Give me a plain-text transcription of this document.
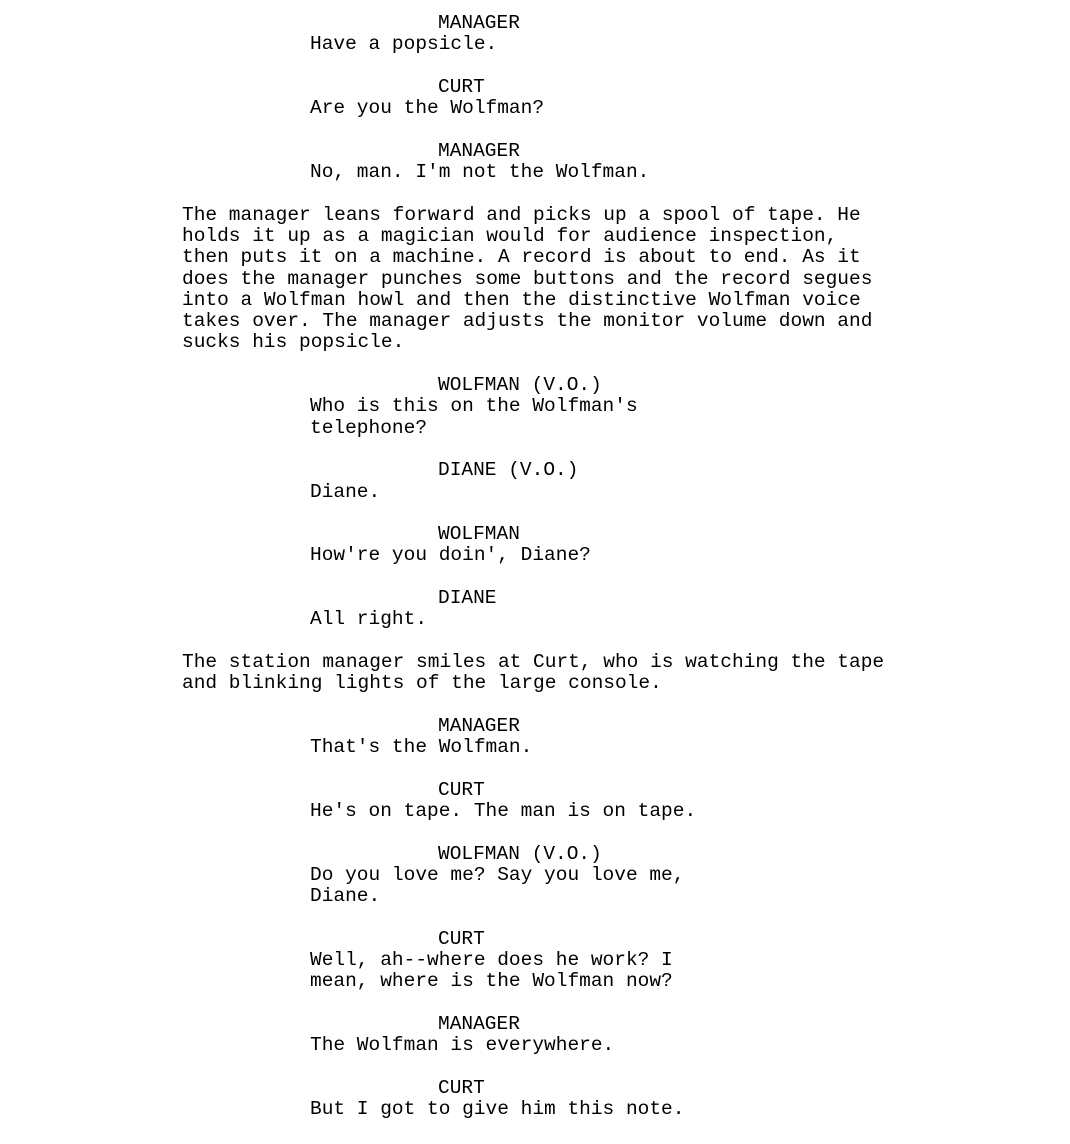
MANAGER
Have a popsicle.
CURT
Are you the Wolfman?
MANAGER
No, man. I'm not the Wolfman.
The manager leans forward and picks up a spool of tape. He
holds it up as a magician would for audience inspection,
then puts it on a machine. A record is about to end. As it
does the manager punches some buttons and the record segues
into a Wolfman howl and then the distinctive Wolfman voice
takes over. The manager adjusts the monitor volume down and
sucks his popsicle.
WOLFMAN (V.O.)
Who is this on the Wolfman's
telephone?
DIANE (V.O.)
Diane.
WOLFMAN
How're you doin', Diane?
DIANE
All right.
The station manager smiles at Curt, who is watching the tape
and blinking lights of the large console.
MANAGER
That's the Wolfman.
CURT
He's on tape. The man is on tape.
WOLFMAN (V.O.)
Do you love me? Say you love me,
Diane.
CURT
Well, ah--where does he work? I
mean, where is the Wolfman now?
MANAGER
The Wolfman is everywhere.
CURT
But I got to give him this note.
